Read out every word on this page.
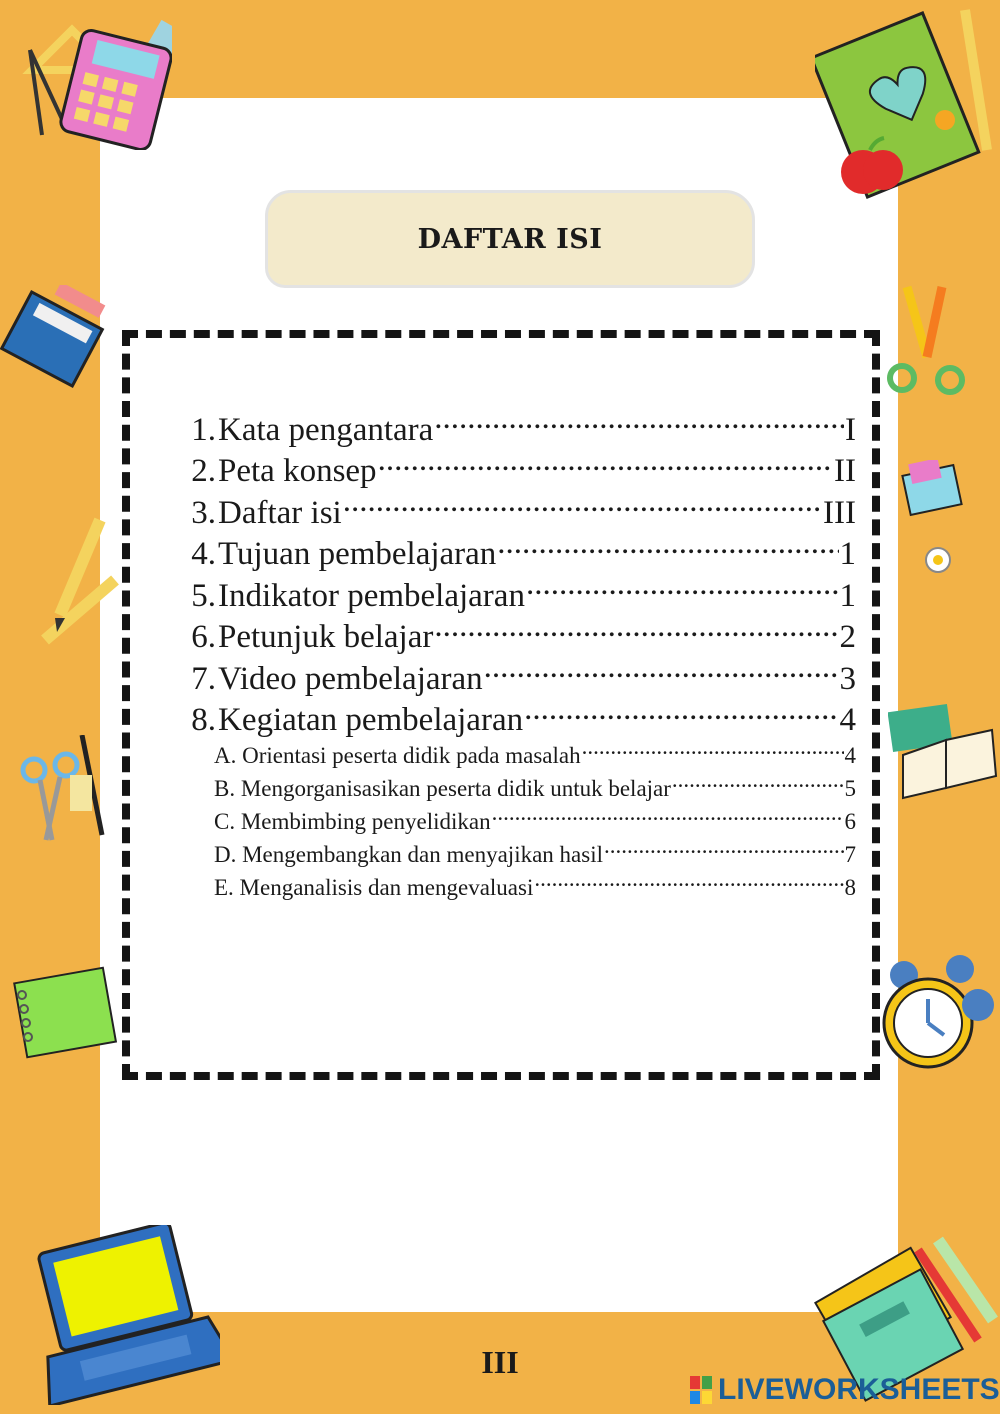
DAFTAR ISI
1. Kata pengantara .....	I
2. Peta konsep .....	II
3. Daftar isi .....	III
4. Tujuan pembelajaran .....	1
5. Indikator pembelajaran .....	1
6. Petunjuk belajar .....	2
7. Video pembelajaran .....	3
8. Kegiatan pembelajaran .....	4
A. Orientasi peserta didik pada masalah .....	4
B. Mengorganisasikan peserta didik untuk belajar .....	5
C. Membimbing penyelidikan .....	6
D. Mengembangkan dan menyajikan hasil .....	7
E. Menganalisis dan mengevaluasi .....	8
III
LIVEWORKSHEETS
